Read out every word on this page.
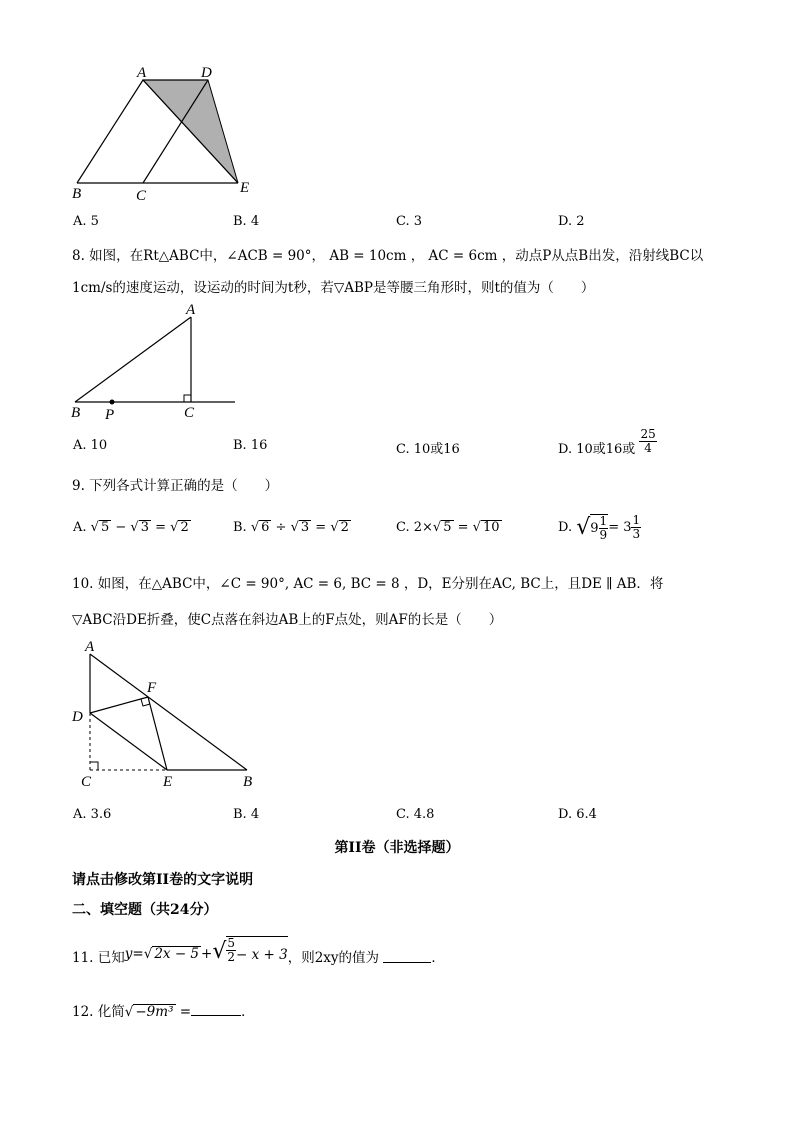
A	D
B	C	E
A. 5	B. 4	C. 3	D. 2
8. 如图，在Rt△ABC中，∠ACB = 90°， AB = 10cm ， AC = 6cm ，动点P从点B出发，沿射线BC以
1cm/s的速度运动，设运动的时间为t秒，若▽ABP是等腰三角形时，则t的值为（　　）
A
B P	C
A. 10	B. 16	C. 10或16	D. 10或16或 $\frac{25}{4}$
9. 下列各式计算正确的是（　　）
A. √ 5 − √ 3 = √ 2	B. √ 6 ÷ √ 3 = √ 2	C. 2×√ 5 = √ 10	D. $√9 \frac{1}{9} = 3 \frac{1}{3}$
10. 如图，在△ABC中，∠C = 90°, AC = 6, BC = 8 ，D，E分别在AC, BC上，且DE ∥ AB．将
▽ABC沿DE折叠，使C点落在斜边AB上的F点处，则AF的长是（　　）
A
F
D
C	E	B
A. 3.6	B. 4	C. 4.8	D. 6.4
第II卷（非选择题）
请点击修改第II卷的文字说明
二、填空题（共24分）
11. 已知y=√ $2x - 5+√ \frac{5}{2} - x + 3$，则2xy的值为	．
12. 化简√ −9m³ =	．
